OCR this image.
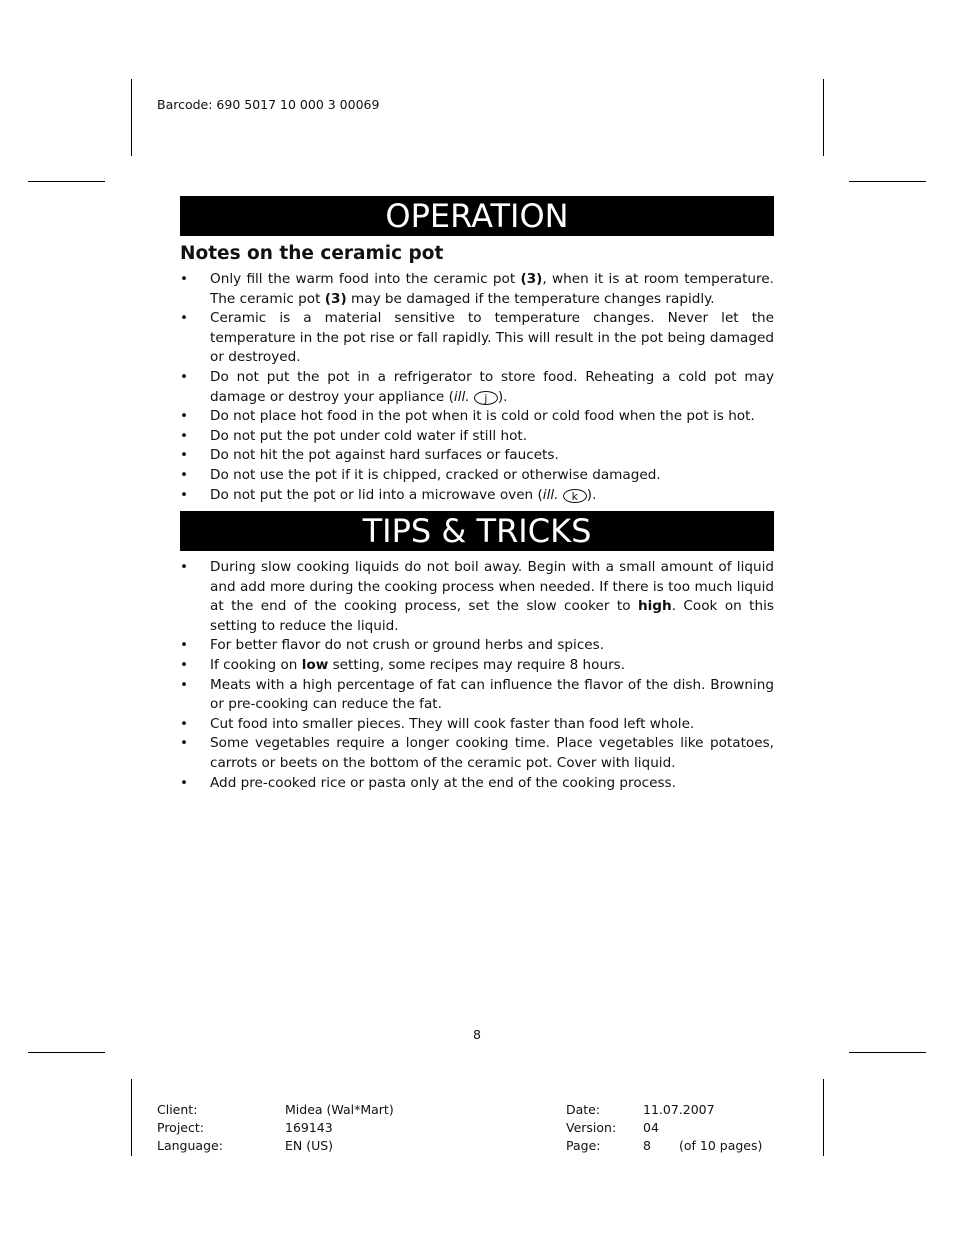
Barcode: 690 5017 10 000 3 00069
OPERATION
Notes on the ceramic pot
• Only fill the warm food into the ceramic pot (3), when it is at room temperature. The ceramic pot (3) may be damaged if the temperature changes rapidly.
• Ceramic is a material sensitive to temperature changes. Never let the temperature in the pot rise or fall rapidly. This will result in the pot being damaged or destroyed.
• Do not put the pot in a refrigerator to store food. Reheating a cold pot may damage or destroy your appliance (ill. j ).
• Do not place hot food in the pot when it is cold or cold food when the pot is hot.
• Do not put the pot under cold water if still hot.
• Do not hit the pot against hard surfaces or faucets.
• Do not use the pot if it is chipped, cracked or otherwise damaged.
• Do not put the pot or lid into a microwave oven (ill. k ).
TIPS & TRICKS
• During slow cooking liquids do not boil away. Begin with a small amount of liquid and add more during the cooking process when needed. If there is too much liquid at the end of the cooking process, set the slow cooker to high. Cook on this setting to reduce the liquid.
• For better flavor do not crush or ground herbs and spices.
• If cooking on low setting, some recipes may require 8 hours.
• Meats with a high percentage of fat can influence the flavor of the dish. Browning or pre-cooking can reduce the fat.
• Cut food into smaller pieces. They will cook faster than food left whole.
• Some vegetables require a longer cooking time. Place vegetables like potatoes, carrots or beets on the bottom of the ceramic pot. Cover with liquid.
• Add pre-cooked rice or pasta only at the end of the cooking process.
8
Client:
Project:
Language:
Midea (Wal*Mart)
169143
EN (US)
Date:
Version:
Page:
11.07.2007
04
8 (of 10 pages)
